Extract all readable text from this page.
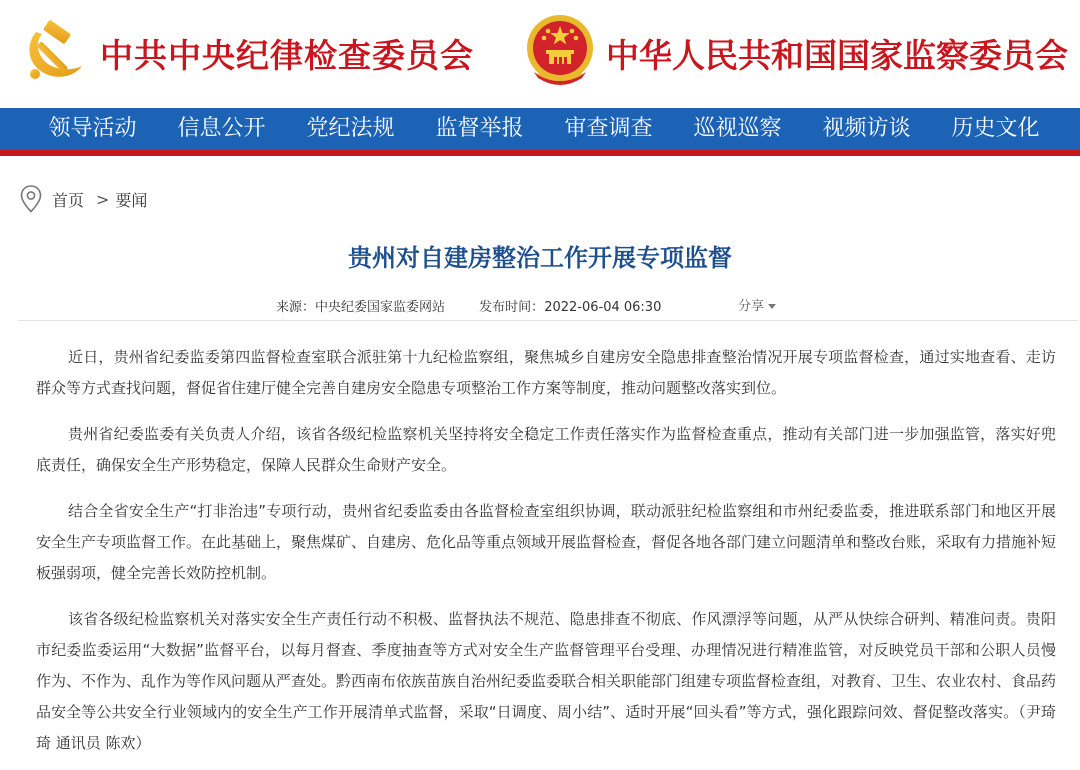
中共中央纪律检查委员会	中华人民共和国国家监察委员会
领导活动	信息公开	党纪法规	监督举报	审查调查	巡视巡察	视频访谈	历史文化
首页 > 要闻
贵州对自建房整治工作开展专项监督
来源：中央纪委国家监委网站	发布时间：2022-06-04 06:30	分享

近日，贵州省纪委监委第四监督检查室联合派驻第十九纪检监察组，聚焦城乡自建房安全隐患排查整治情况开展专项监督检查，通过实地查看、走访群众等方式查找问题，督促省住建厅健全完善自建房安全隐患专项整治工作方案等制度，推动问题整改落实到位。

贵州省纪委监委有关负责人介绍，该省各级纪检监察机关坚持将安全稳定工作责任落实作为监督检查重点，推动有关部门进一步加强监管，落实好兜底责任，确保安全生产形势稳定，保障人民群众生命财产安全。

结合全省安全生产“打非治违”专项行动，贵州省纪委监委由各监督检查室组织协调，联动派驻纪检监察组和市州纪委监委，推进联系部门和地区开展安全生产专项监督工作。在此基础上，聚焦煤矿、自建房、危化品等重点领域开展监督检查，督促各地各部门建立问题清单和整改台账，采取有力措施补短板强弱项，健全完善长效防控机制。

该省各级纪检监察机关对落实安全生产责任行动不积极、监督执法不规范、隐患排查不彻底、作风漂浮等问题，从严从快综合研判、精准问责。贵阳市纪委监委运用“大数据”监督平台，以每月督查、季度抽查等方式对安全生产监督管理平台受理、办理情况进行精准监管，对反映党员干部和公职人员慢作为、不作为、乱作为等作风问题从严查处。黔西南布依族苗族自治州纪委监委联合相关职能部门组建专项监督检查组，对教育、卫生、农业农村、食品药品安全等公共安全行业领域内的安全生产工作开展清单式监督，采取“日调度、周小结”、适时开展“回头看”等方式，强化跟踪问效、督促整改落实。（尹琦琦 通讯员 陈欢）
